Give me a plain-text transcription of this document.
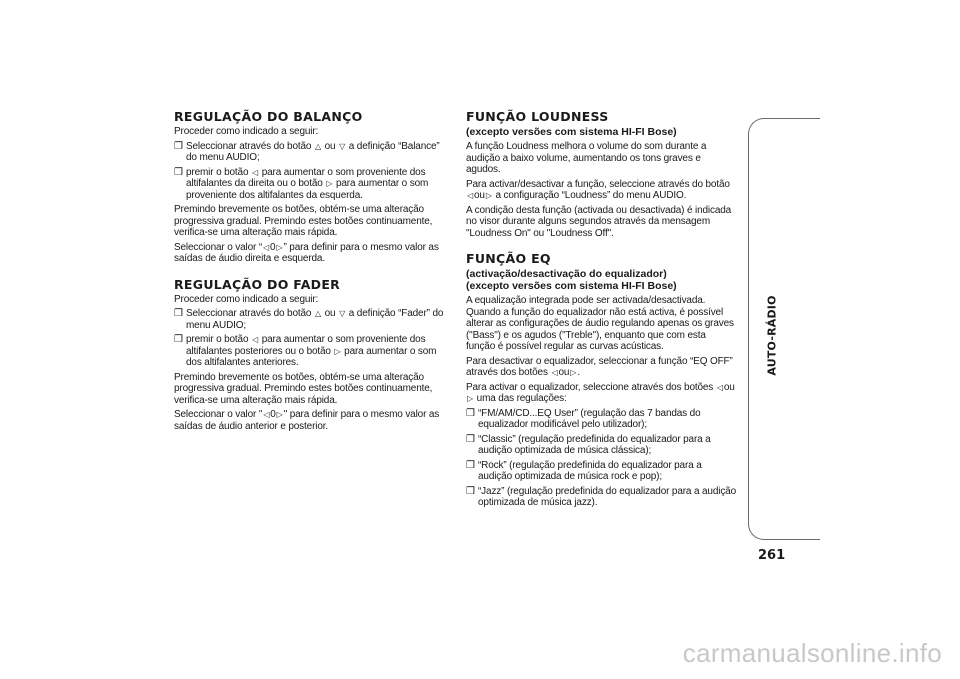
REGULAÇÃO DO BALANÇO

Proceder como indicado a seguir:

❒ Seleccionar através do botão △ ou ▽ a definição “Balance” do menu AUDIO;
❒ premir o botão ◁ para aumentar o som proveniente dos altifalantes da direita ou o botão ▷ para aumentar o som proveniente dos altifalantes da esquerda.

Premindo brevemente os botões, obtém-se uma alteração progressiva gradual. Premindo estes botões continuamente, verifica-se uma alteração mais rápida.

Seleccionar o valor “◁0▷” para definir para o mesmo valor as saídas de áudio direita e esquerda.

REGULAÇÃO DO FADER

Proceder como indicado a seguir:

❒ Seleccionar através do botão △ ou ▽ a definição “Fader” do menu AUDIO;
❒ premir o botão ◁ para aumentar o som proveniente dos altifalantes posteriores ou o botão ▷ para aumentar o som dos altifalantes anteriores.

Premindo brevemente os botões, obtém-se uma alteração progressiva gradual. Premindo estes botões continuamente, verifica-se uma alteração mais rápida.

Seleccionar o valor "◁0▷" para definir para o mesmo valor as saídas de áudio anterior e posterior.

FUNÇÃO LOUDNESS
(excepto versões com sistema HI-FI Bose)

A função Loudness melhora o volume do som durante a audição a baixo volume, aumentando os tons graves e agudos.

Para activar/desactivar a função, seleccione através do botão ◁ou▷ a configuração “Loudness” do menu AUDIO.

A condição desta função (activada ou desactivada) é indicada no visor durante alguns segundos através da mensagem "Loudness On" ou "Loudness Off".

FUNÇÃO EQ
(activação/desactivação do equalizador)
(excepto versões com sistema HI-FI Bose)

A equalização integrada pode ser activada/desactivada. Quando a função do equalizador não está activa, é possível alterar as configurações de áudio regulando apenas os graves ("Bass") e os agudos ("Treble"), enquanto que com esta função é possível regular as curvas acústicas.

Para desactivar o equalizador, seleccionar a função “EQ OFF” através dos botões ◁ou▷.

Para activar o equalizador, seleccione através dos botões ◁ou ▷ uma das regulações:

❒ “FM/AM/CD...EQ User” (regulação das 7 bandas do equalizador modificável pelo utilizador);
❒ “Classic” (regulação predefinida do equalizador para a audição optimizada de música clássica);
❒ “Rock” (regulação predefinida do equalizador para a audição optimizada de música rock e pop);
❒ “Jazz” (regulação predefinida do equalizador para a audição optimizada de música jazz).
AUTO-RÁDIO
261
carmanualsonline.info
